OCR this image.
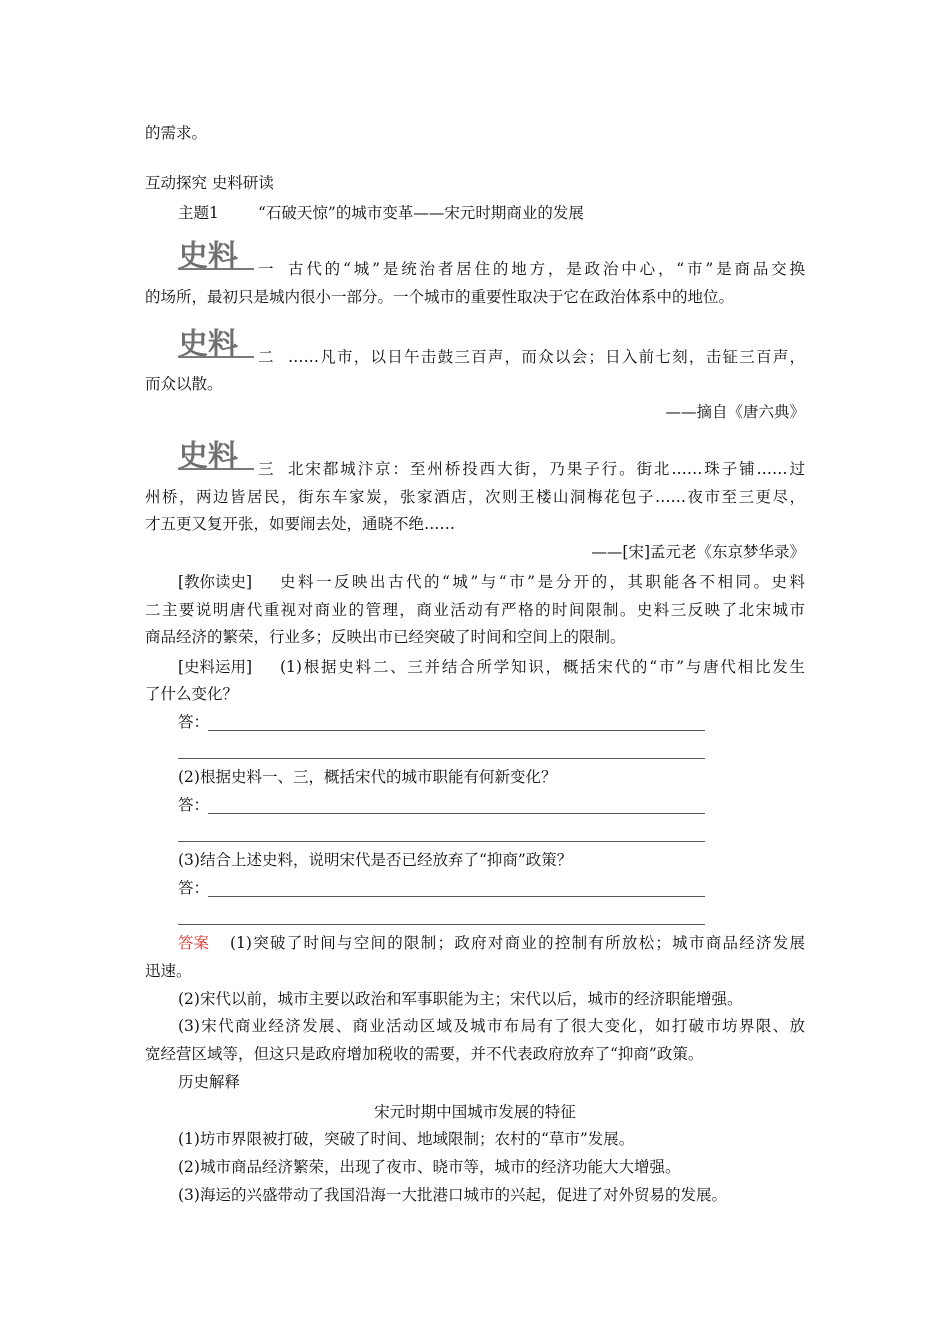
的需求。
互动探究 史料研读
主题1	“石破天惊”的城市变革——宋元时期商业的发展
史料 一 古代的“城”是统治者居住的地方，是政治中心，“市”是商品交换
的场所，最初只是城内很小一部分。一个城市的重要性取决于它在政治体系中的地位。
史料 二 ……凡市，以日午击鼓三百声，而众以会；日入前七刻，击钲三百声，
而众以散。
——摘自《唐六典》
史料 三 北宋都城汴京：至州桥投西大街，乃果子行。街北……珠子铺……过
州桥，两边皆居民，街东车家炭，张家酒店，次则王楼山洞梅花包子……夜市至三更尽，
才五更又复开张，如要闹去处，通晓不绝……
——[宋]孟元老《东京梦华录》
[教你读史] 史料一反映出古代的“城”与“市”是分开的，其职能各不相同。史料
二主要说明唐代重视对商业的管理，商业活动有严格的时间限制。史料三反映了北宋城市
商品经济的繁荣，行业多；反映出市已经突破了时间和空间上的限制。
[史料运用] (1)根据史料二、三并结合所学知识，概括宋代的“市”与唐代相比发生
了什么变化？
答：
(2)根据史料一、三，概括宋代的城市职能有何新变化？
答：
(3)结合上述史料，说明宋代是否已经放弃了“抑商”政策？
答：
答案 (1)突破了时间与空间的限制；政府对商业的控制有所放松；城市商品经济发展
迅速。
(2)宋代以前，城市主要以政治和军事职能为主；宋代以后，城市的经济职能增强。
(3)宋代商业经济发展、商业活动区域及城市布局有了很大变化，如打破市坊界限、放
宽经营区域等，但这只是政府增加税收的需要，并不代表政府放弃了“抑商”政策。
历史解释
宋元时期中国城市发展的特征
(1)坊市界限被打破，突破了时间、地域限制；农村的“草市”发展。
(2)城市商品经济繁荣，出现了夜市、晓市等，城市的经济功能大大增强。
(3)海运的兴盛带动了我国沿海一大批港口城市的兴起，促进了对外贸易的发展。
